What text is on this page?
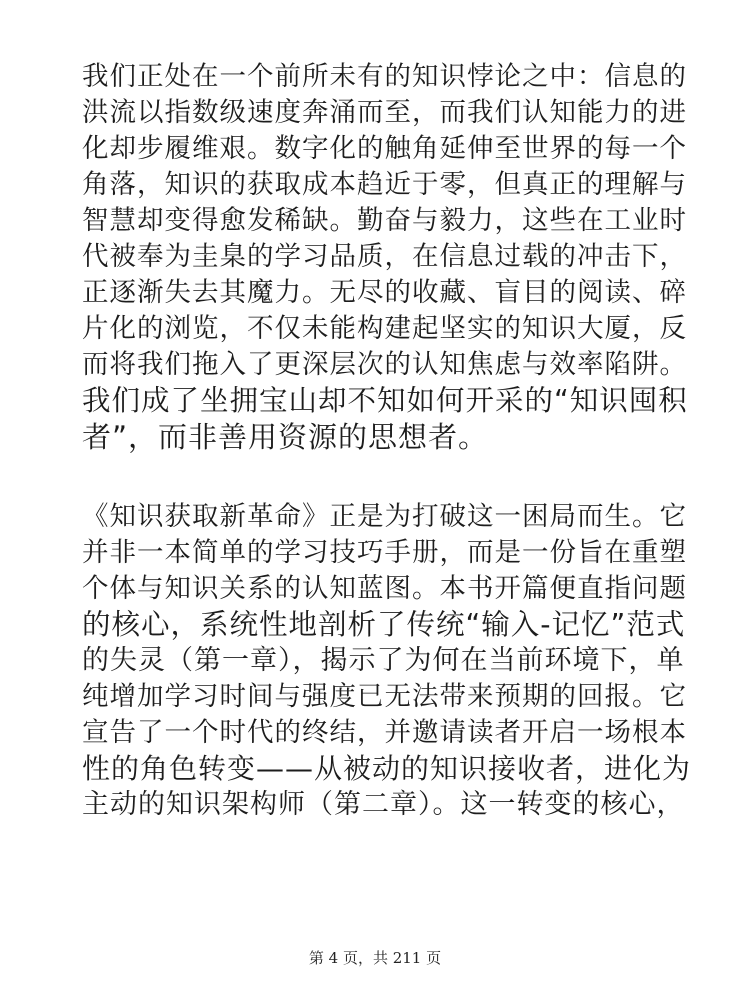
我们正处在一个前所未有的知识悖论之中：信息的
洪流以指数级速度奔涌而至，而我们认知能力的进
化却步履维艰。数字化的触角延伸至世界的每一个
角落，知识的获取成本趋近于零，但真正的理解与
智慧却变得愈发稀缺。勤奋与毅力，这些在工业时
代被奉为圭臬的学习品质，在信息过载的冲击下，
正逐渐失去其魔力。无尽的收藏、盲目的阅读、碎
片化的浏览，不仅未能构建起坚实的知识大厦，反
而将我们拖入了更深层次的认知焦虑与效率陷阱。
我们成了坐拥宝山却不知如何开采的“知识囤积
者”，而非善用资源的思想者。
《知识获取新革命》正是为打破这一困局而生。它
并非一本简单的学习技巧手册，而是一份旨在重塑
个体与知识关系的认知蓝图。本书开篇便直指问题
的核心，系统性地剖析了传统“输入-记忆”范式
的失灵（第一章），揭示了为何在当前环境下，单
纯增加学习时间与强度已无法带来预期的回报。它
宣告了一个时代的终结，并邀请读者开启一场根本
性的角色转变——从被动的知识接收者，进化为
主动的知识架构师（第二章）。这一转变的核心，
第 4 页，共 211 页
